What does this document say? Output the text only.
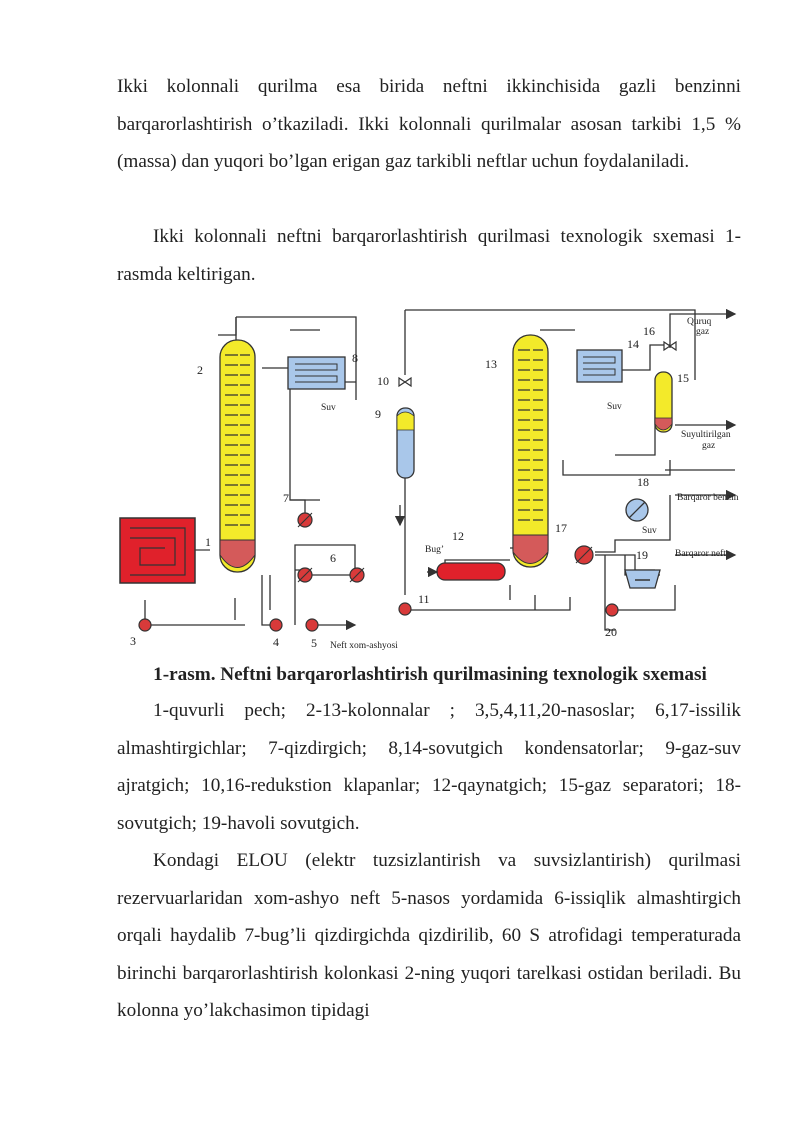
Ikki kolonnali qurilma esa birida neftni ikkinchisida gazli benzinni barqarorlashtirish o’tkaziladi. Ikki kolonnali qurilmalar asosan tarkibi 1,5 % (massa) dan yuqori bo’lgan erigan gaz tarkibli neftlar uchun foydalaniladi.

Ikki kolonnali neftni barqarorlashtirish qurilmasi texnologik sxemasi 1-rasmda keltirigan.

1
2
3	4	5
6
7
8
9
10
11
12
13
14
15
16
17
18
19
20
Quruq
gaz
Suyultirilgan
gaz
Barqaror benzin
Barqaror neft
Neft xom-ashyosi
Bug’
Suv	Suv
Suv

1-rasm. Neftni barqarorlashtirish qurilmasining texnologik sxemasi

1-quvurli pech; 2-13-kolonnalar ; 3,5,4,11,20-nasoslar; 6,17-issilik almashtirgichlar; 7-qizdirgich; 8,14-sovutgich kondensatorlar; 9-gaz-suv ajratgich; 10,16-redukstion klapanlar; 12-qaynatgich; 15-gaz separatori; 18-sovutgich; 19-havoli sovutgich.

Kondagi ELOU (elektr tuzsizlantirish va suvsizlantirish) qurilmasi rezervuarlaridan xom-ashyo neft 5-nasos yordamida 6-issiqlik almashtirgich orqali haydalib 7-bug’li qizdirgichda qizdirilib, 60 S atrofidagi temperaturada birinchi barqarorlashtirish kolonkasi 2-ning yuqori tarelkasi ostidan beriladi. Bu kolonna yo’lakchasimon tipidagi
